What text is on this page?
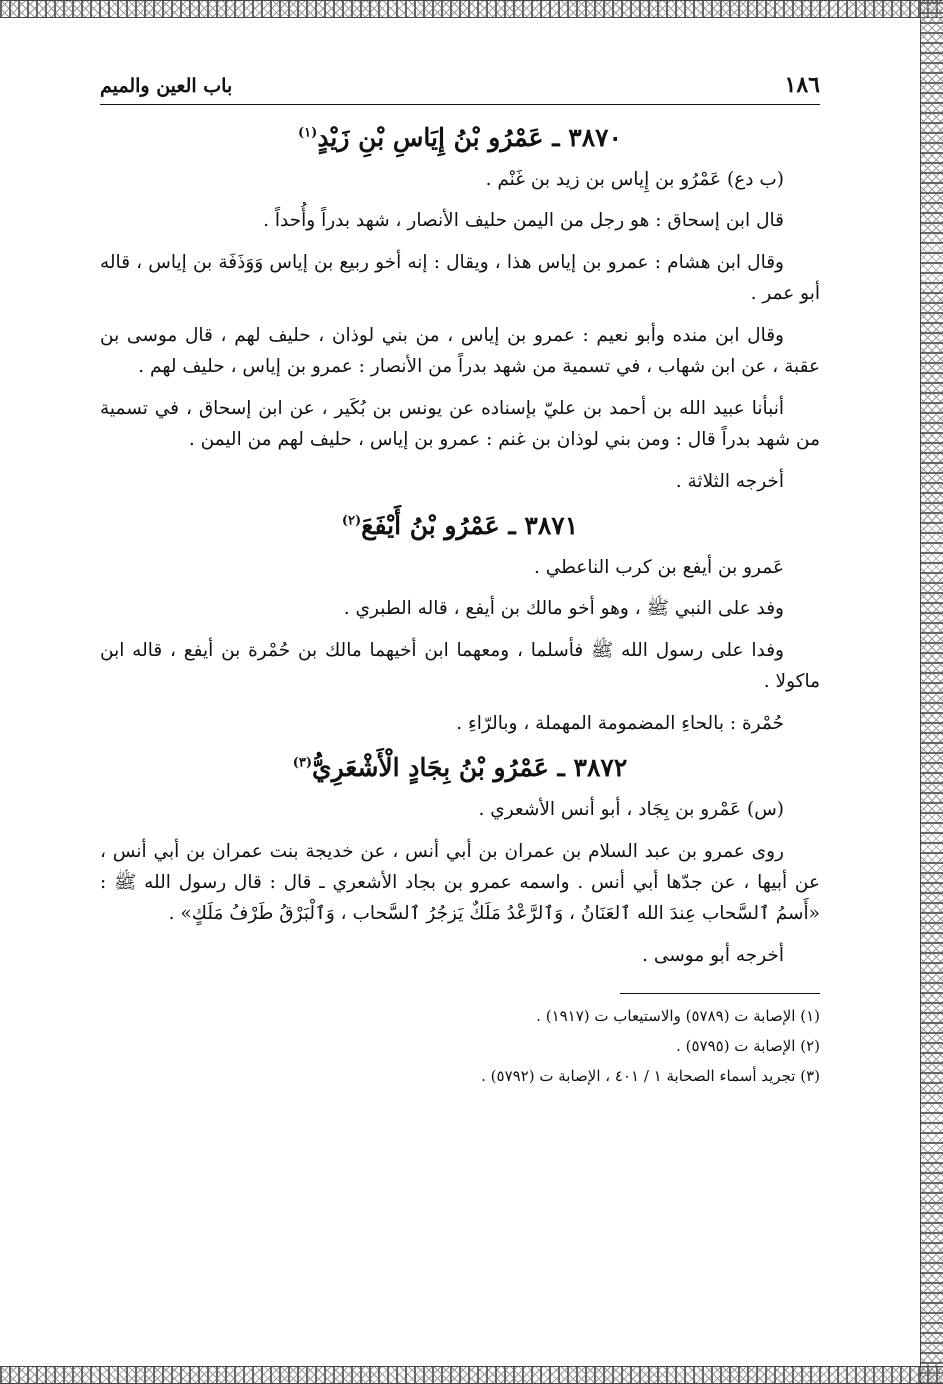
١٨٦
باب العين والميم
٣٨٧٠ ـ عَمْرُو بْنُ إِيَاسِ بْنِ زَيْدٍ$^{(١)}$

(ب دع) عَمْرُو بن إِياس بن زيد بن غَنْم .

قال ابن إسحاق : هو رجل من اليمن حليف الأنصار ، شهد بدراً وأُحداً .

وقال ابن هشام : عمرو بن إياس هذا ، ويقال : إنه أخو ربيع بن إياس وَوَذَفَة بن إياس ، قاله أبو عمر .

وقال ابن منده وأبو نعيم : عمرو بن إياس ، من بني لوذان ، حليف لهم ، قال موسى بن عقبة ، عن ابن شهاب ، في تسمية من شهد بدراً من الأنصار : عمرو بن إياس ، حليف لهم .

أنبأنا عبيد الله بن أحمد بن عليّ بإسناده عن يونس بن بُكَير ، عن ابن إسحاق ، في تسمية من شهد بدراً قال : ومن بني لوذان بن غنم : عمرو بن إياس ، حليف لهم من اليمن .

أخرجه الثلاثة .

٣٨٧١ ـ عَمْرُو بْنُ أَيْفَعَ$^{(٢)}$

عَمرو بن أيفع بن كرب الناعطي .

وفد على النبي ﷺ ، وهو أخو مالك بن أيفع ، قاله الطبري .

وفدا على رسول الله ﷺ فأسلما ، ومعهما ابن أخيهما مالك بن حُمْرة بن أيفع ، قاله ابن ماكولا .

حُمْرة : بالحاءِ المضمومة المهملة ، وبالرّاءِ .

٣٨٧٢ ـ عَمْرُو بْنُ بِجَادٍ الْأَشْعَرِيُّ$^{(٣)}$

(س) عَمْرو بن بِجَاد ، أبو أنس الأشعري .

روى عمرو بن عبد السلام بن عمران بن أبي أنس ، عن خديجة بنت عمران بن أبي أنس ، عن أبيها ، عن جدّها أبي أنس . واسمه عمرو بن بجاد الأشعري ـ قال : قال رسول الله ﷺ : «أَسمُ ٱلسَّحاب عِندَ الله ٱلعَنَانُ ، وَٱلرَّعْدُ مَلَكٌ يَزجُرُ ٱلسَّحاب ، وَٱلْبَرْقُ طَرْفُ مَلَكٍ» .

أخرجه أبو موسى .

(١) الإصابة ت (٥٧٨٩) والاستيعاب ت (١٩١٧) .

(٢) الإصابة ت (٥٧٩٥) .

(٣) تجريد أسماء الصحابة ١ / ٤٠١ ، الإصابة ت (٥٧٩٢) .
